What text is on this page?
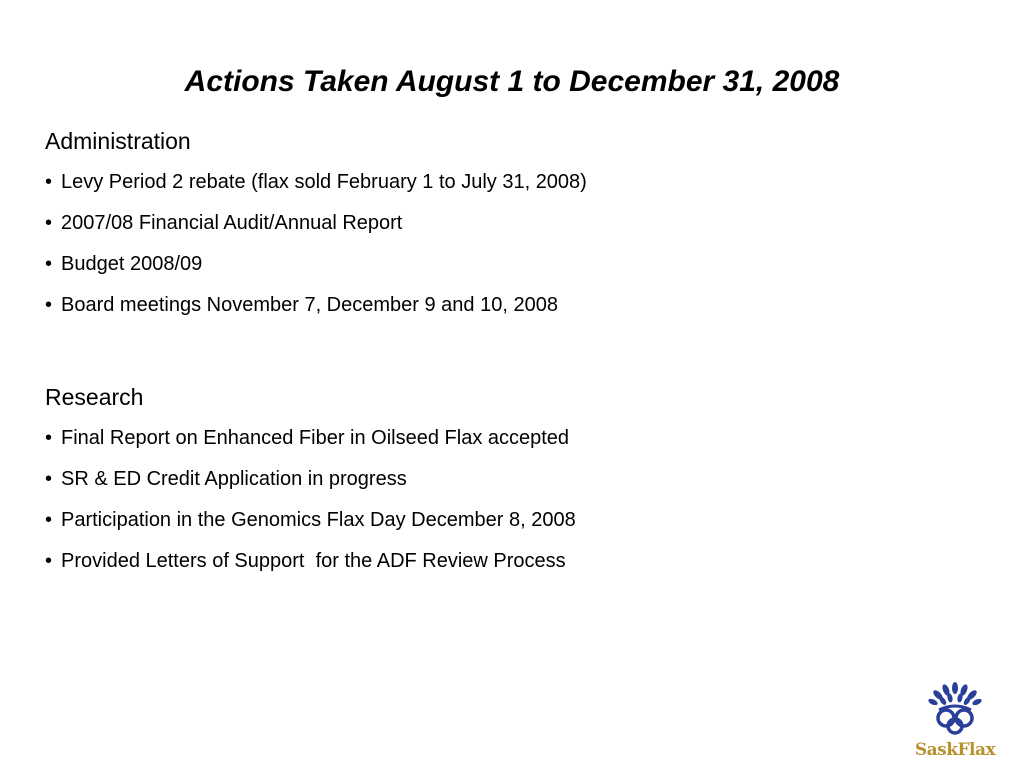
Actions Taken August 1 to December 31, 2008
Administration
• Levy Period 2 rebate (flax sold February 1 to July 31, 2008)
• 2007/08 Financial Audit/Annual Report
• Budget 2008/09
• Board meetings November 7, December 9 and 10, 2008
Research
• Final Report on Enhanced Fiber in Oilseed Flax accepted
• SR & ED Credit Application in progress
• Participation in the Genomics Flax Day December 8, 2008
• Provided Letters of Support  for the ADF Review Process
SaskFlax
